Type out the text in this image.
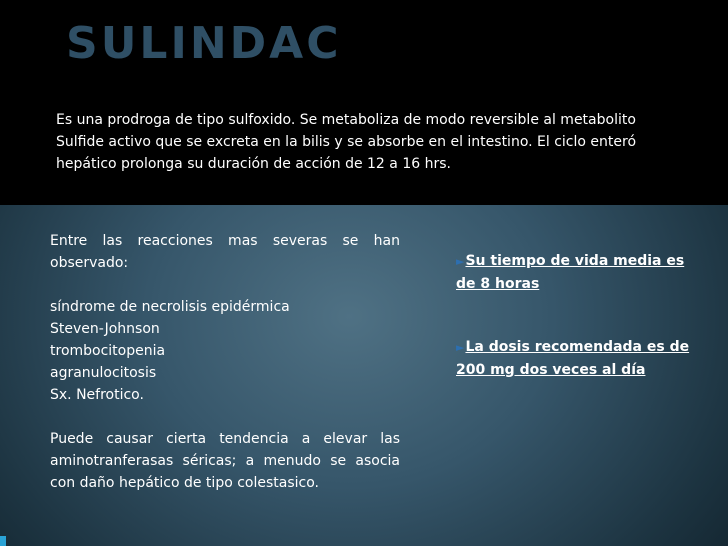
SULINDAC

Es una prodroga de tipo sulfoxido. Se metaboliza de modo reversible al metabolito

Sulfide activo que se excreta en la bilis y se absorbe en el intestino. El ciclo enteró

hepático prolonga su duración de acción de 12 a 16 hrs.

Entre las reacciones mas severas se han observado:

síndrome de necrolisis epidérmica

Steven-Johnson

trombocitopenia

agranulocitosis

Sx. Nefrotico.

Puede causar cierta tendencia a elevar las aminotranferasas séricas; a menudo se asocia con daño hepático de tipo colestasico.

►Su tiempo de vida media es de 8 horas
►La dosis recomendada es de 200 mg dos veces al día
